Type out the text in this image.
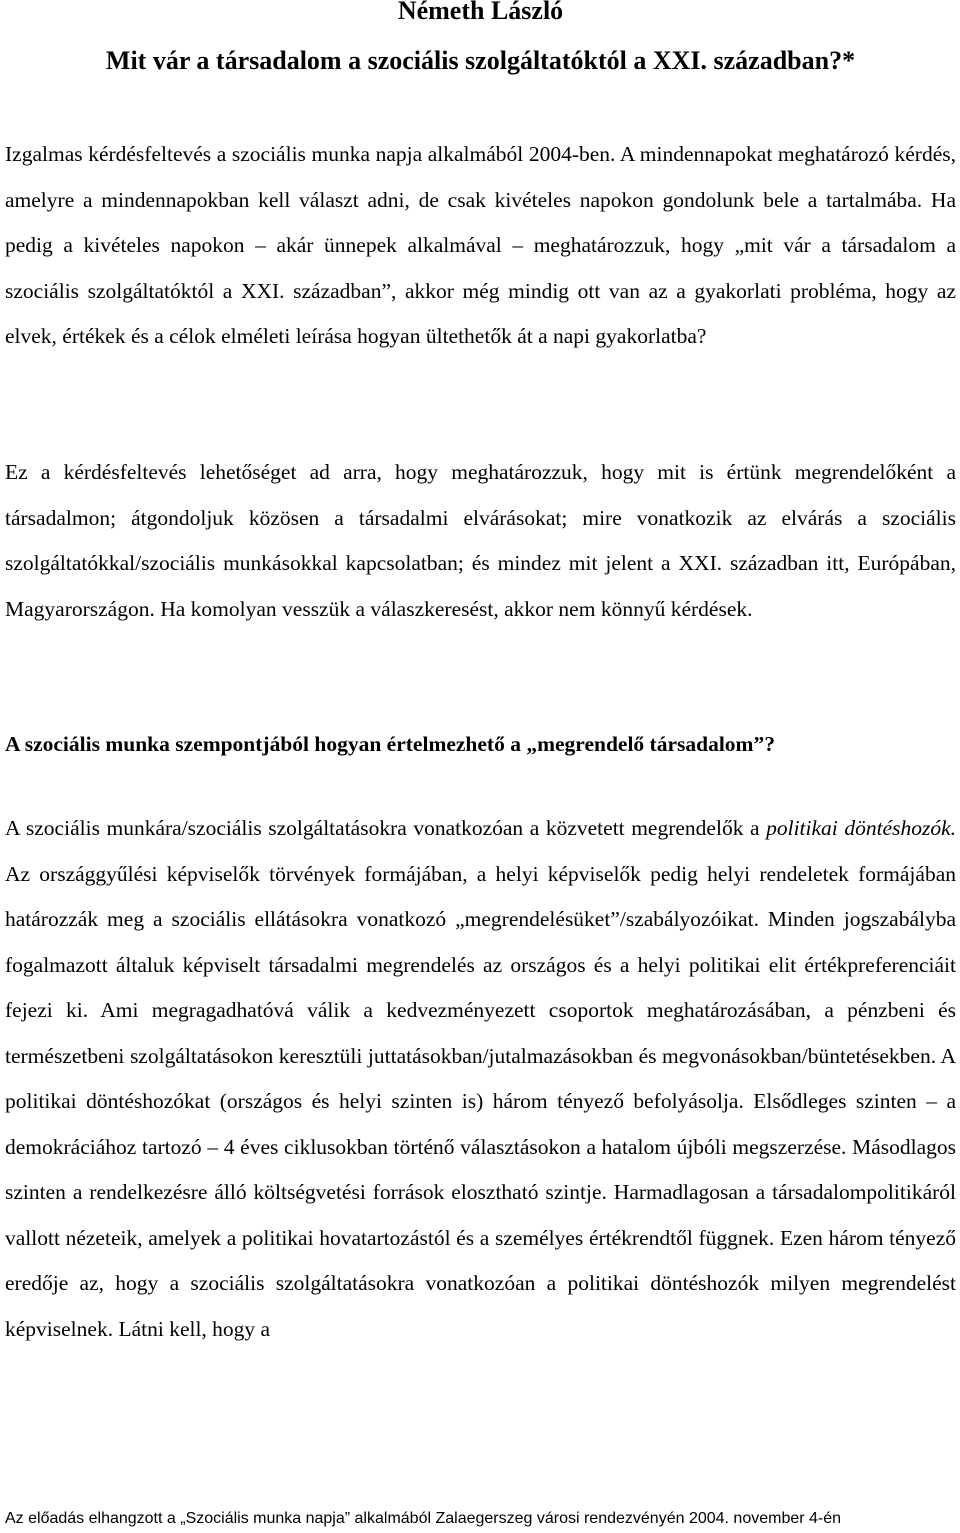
Németh László
Mit vár a társadalom a szociális szolgáltatóktól a XXI. században?*

Izgalmas kérdésfeltevés a szociális munka napja alkalmából 2004-ben. A mindennapokat meghatározó kérdés, amelyre a mindennapokban kell választ adni, de csak kivételes napokon gondolunk bele a tartalmába. Ha pedig a kivételes napokon – akár ünnepek alkalmával – meghatározzuk, hogy „mit vár a társadalom a szociális szolgáltatóktól a XXI. században”, akkor még mindig ott van az a gyakorlati probléma, hogy az elvek, értékek és a célok elméleti leírása hogyan ültethetők át a napi gyakorlatba?

Ez a kérdésfeltevés lehetőséget ad arra, hogy meghatározzuk, hogy mit is értünk megrendelőként a társadalmon; átgondoljuk közösen a társadalmi elvárásokat; mire vonatkozik az elvárás a szociális szolgáltatókkal/szociális munkásokkal kapcsolatban; és mindez mit jelent a XXI. században itt, Európában, Magyarországon. Ha komolyan vesszük a válaszkeresést, akkor nem könnyű kérdések.

A szociális munka szempontjából hogyan értelmezhető a „megrendelő társadalom”?

A szociális munkára/szociális szolgáltatásokra vonatkozóan a közvetett megrendelők a politikai döntéshozók. Az országgyűlési képviselők törvények formájában, a helyi képviselők pedig helyi rendeletek formájában határozzák meg a szociális ellátásokra vonatkozó „megrendelésüket”/szabályozóikat. Minden jogszabályba fogalmazott általuk képviselt társadalmi megrendelés az országos és a helyi politikai elit értékpreferenciáit fejezi ki. Ami megragadhatóvá válik a kedvezményezett csoportok meghatározásában, a pénzbeni és természetbeni szolgáltatásokon keresztüli juttatásokban/jutalmazásokban és megvonásokban/büntetésekben. A politikai döntéshozókat (országos és helyi szinten is) három tényező befolyásolja. Elsődleges szinten – a demokráciához tartozó – 4 éves ciklusokban történő választásokon a hatalom újbóli megszerzése. Másodlagos szinten a rendelkezésre álló költségvetési források elosztható szintje. Harmadlagosan a társadalompolitikáról vallott nézeteik, amelyek a politikai hovatartozástól és a személyes értékrendtől függnek. Ezen három tényező eredője az, hogy a szociális szolgáltatásokra vonatkozóan a politikai döntéshozók milyen megrendelést képviselnek. Látni kell, hogy a

Az előadás elhangzott a „Szociális munka napja” alkalmából Zalaegerszeg városi rendezvényén 2004. november 4-én
